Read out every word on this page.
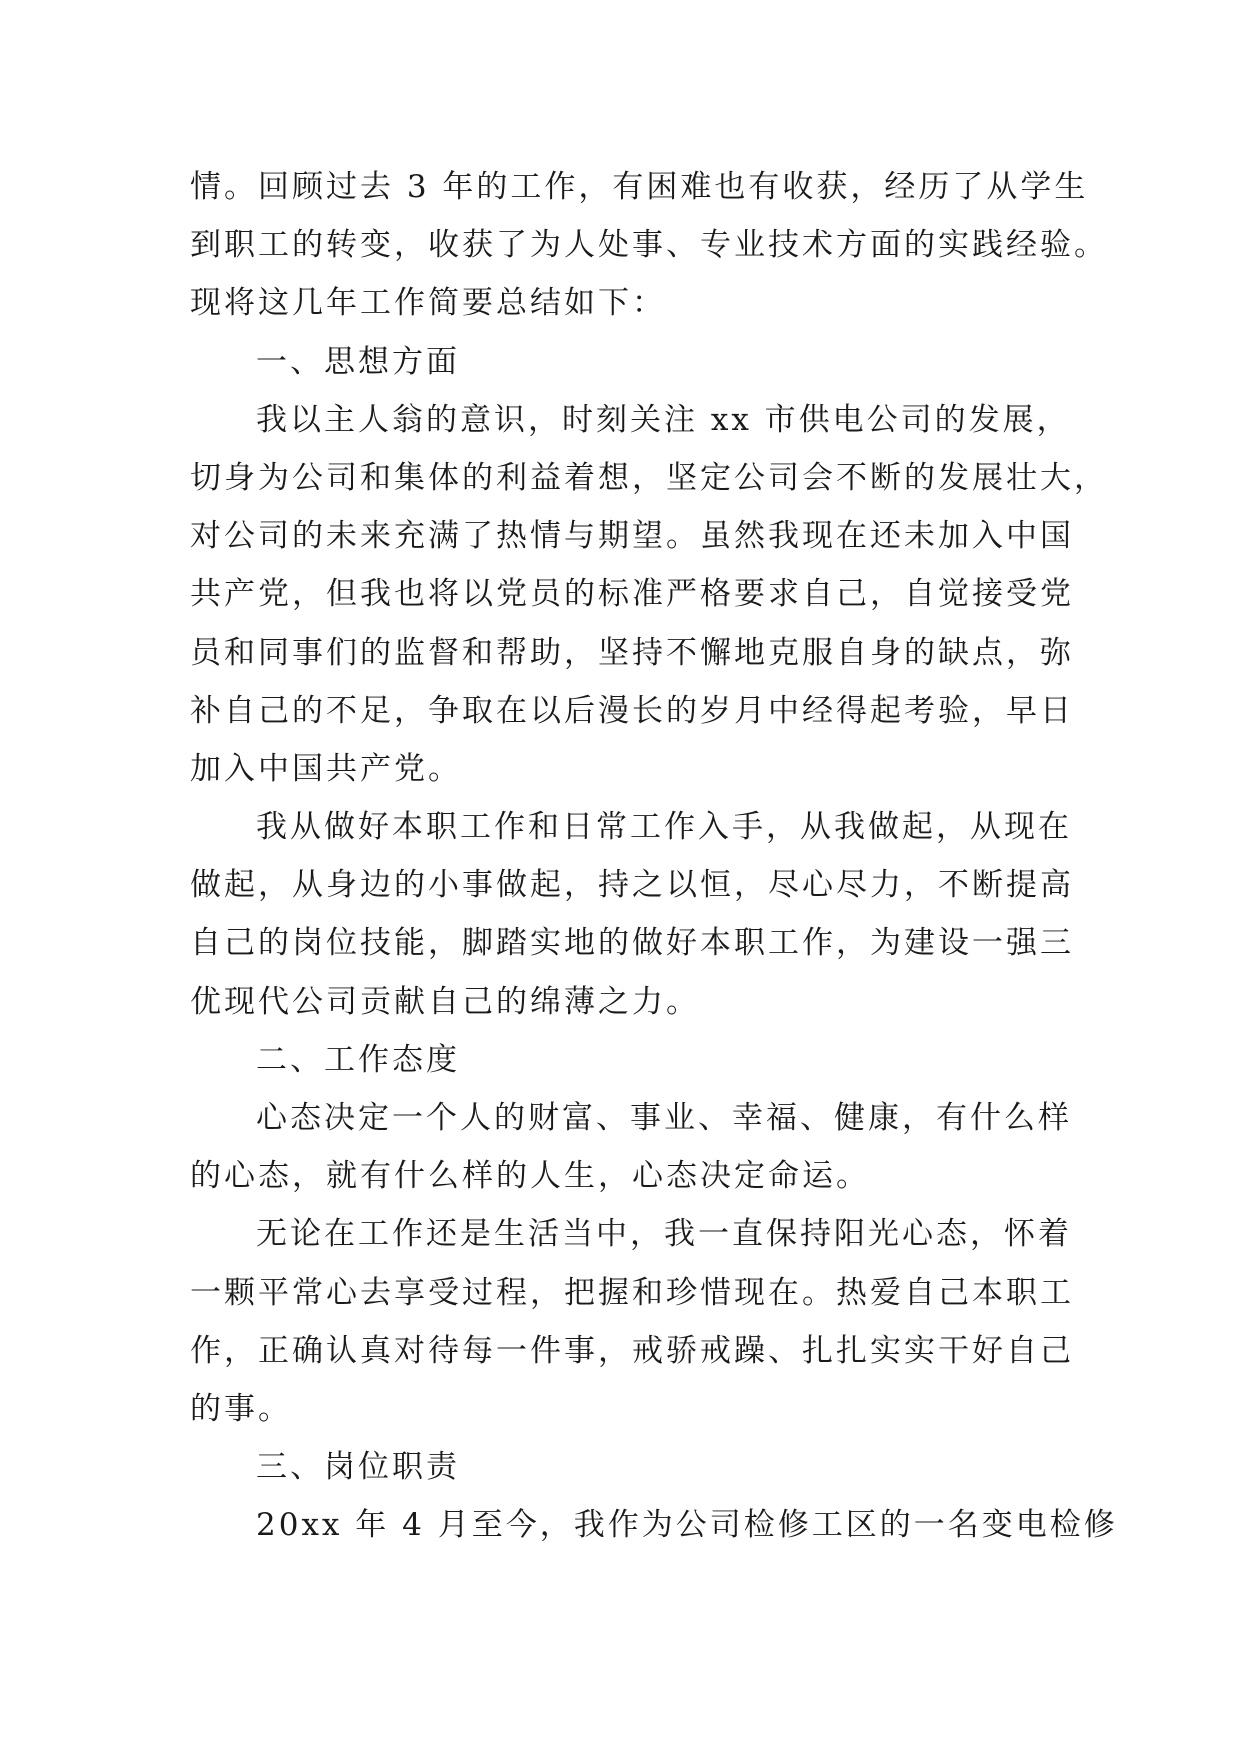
情。回顾过去 3 年的工作，有困难也有收获，经历了从学生
到职工的转变，收获了为人处事、专业技术方面的实践经验。
现将这几年工作简要总结如下：
一、思想方面
我以主人翁的意识，时刻关注 xx 市供电公司的发展，
切身为公司和集体的利益着想，坚定公司会不断的发展壮大，
对公司的未来充满了热情与期望。虽然我现在还未加入中国
共产党，但我也将以党员的标准严格要求自己，自觉接受党
员和同事们的监督和帮助，坚持不懈地克服自身的缺点，弥
补自己的不足，争取在以后漫长的岁月中经得起考验，早日
加入中国共产党。
我从做好本职工作和日常工作入手，从我做起，从现在
做起，从身边的小事做起，持之以恒，尽心尽力，不断提高
自己的岗位技能，脚踏实地的做好本职工作，为建设一强三
优现代公司贡献自己的绵薄之力。
二、工作态度
心态决定一个人的财富、事业、幸福、健康，有什么样
的心态，就有什么样的人生，心态决定命运。
无论在工作还是生活当中，我一直保持阳光心态，怀着
一颗平常心去享受过程，把握和珍惜现在。热爱自己本职工
作，正确认真对待每一件事，戒骄戒躁、扎扎实实干好自己
的事。
三、岗位职责
20xx 年 4 月至今，我作为公司检修工区的一名变电检修
